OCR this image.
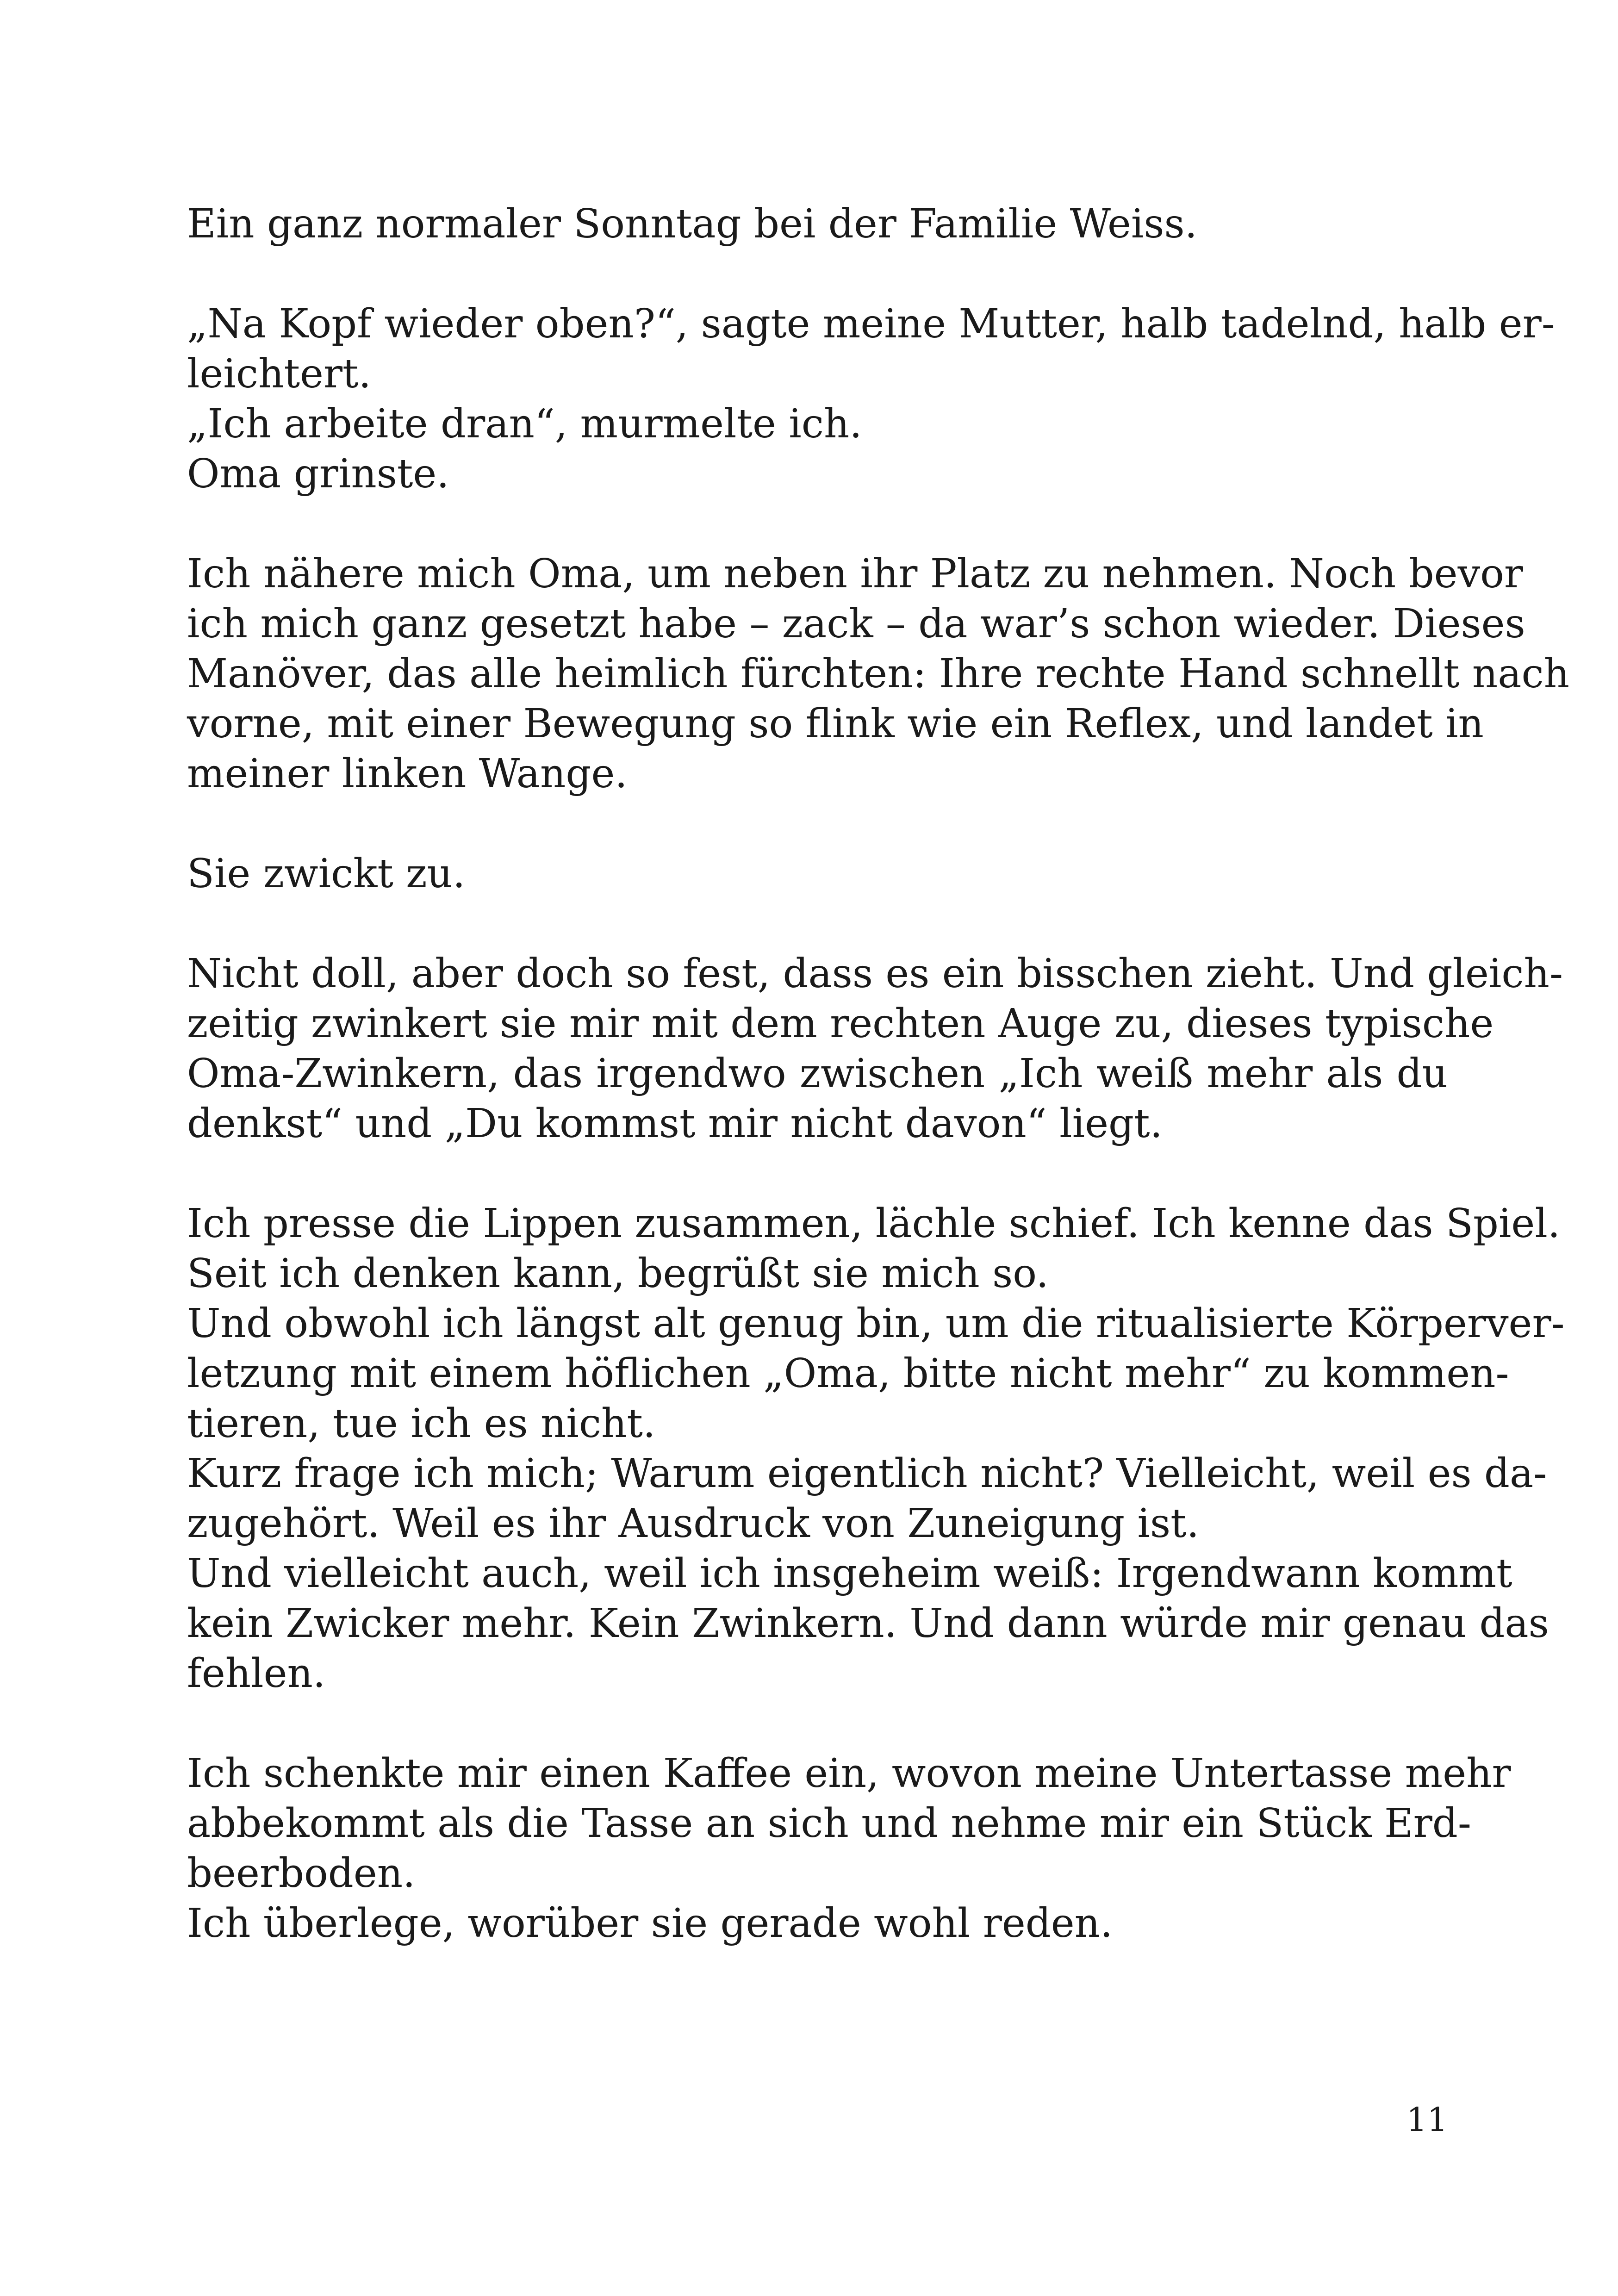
Ein ganz normaler Sonntag bei der Familie Weiss.
„Na Kopf wieder oben?“, sagte meine Mutter, halb tadelnd, halb er-
leichtert.
„Ich arbeite dran“, murmelte ich.
Oma grinste.
Ich nähere mich Oma, um neben ihr Platz zu nehmen. Noch bevor
ich mich ganz gesetzt habe – zack – da war’s schon wieder. Dieses
Manöver, das alle heimlich fürchten: Ihre rechte Hand schnellt nach
vorne, mit einer Bewegung so flink wie ein Reflex, und landet in
meiner linken Wange.
Sie zwickt zu.
Nicht doll, aber doch so fest, dass es ein bisschen zieht. Und gleich-
zeitig zwinkert sie mir mit dem rechten Auge zu, dieses typische
Oma-Zwinkern, das irgendwo zwischen „Ich weiß mehr als du
denkst“ und „Du kommst mir nicht davon“ liegt.
Ich presse die Lippen zusammen, lächle schief. Ich kenne das Spiel.
Seit ich denken kann, begrüßt sie mich so.
Und obwohl ich längst alt genug bin, um die ritualisierte Körperver-
letzung mit einem höflichen „Oma, bitte nicht mehr“ zu kommen-
tieren, tue ich es nicht.
Kurz frage ich mich; Warum eigentlich nicht? Vielleicht, weil es da-
zugehört. Weil es ihr Ausdruck von Zuneigung ist.
Und vielleicht auch, weil ich insgeheim weiß: Irgendwann kommt
kein Zwicker mehr. Kein Zwinkern. Und dann würde mir genau das
fehlen.
Ich schenkte mir einen Kaffee ein, wovon meine Untertasse mehr
abbekommt als die Tasse an sich und nehme mir ein Stück Erd-
beerboden.
Ich überlege, worüber sie gerade wohl reden.
11
